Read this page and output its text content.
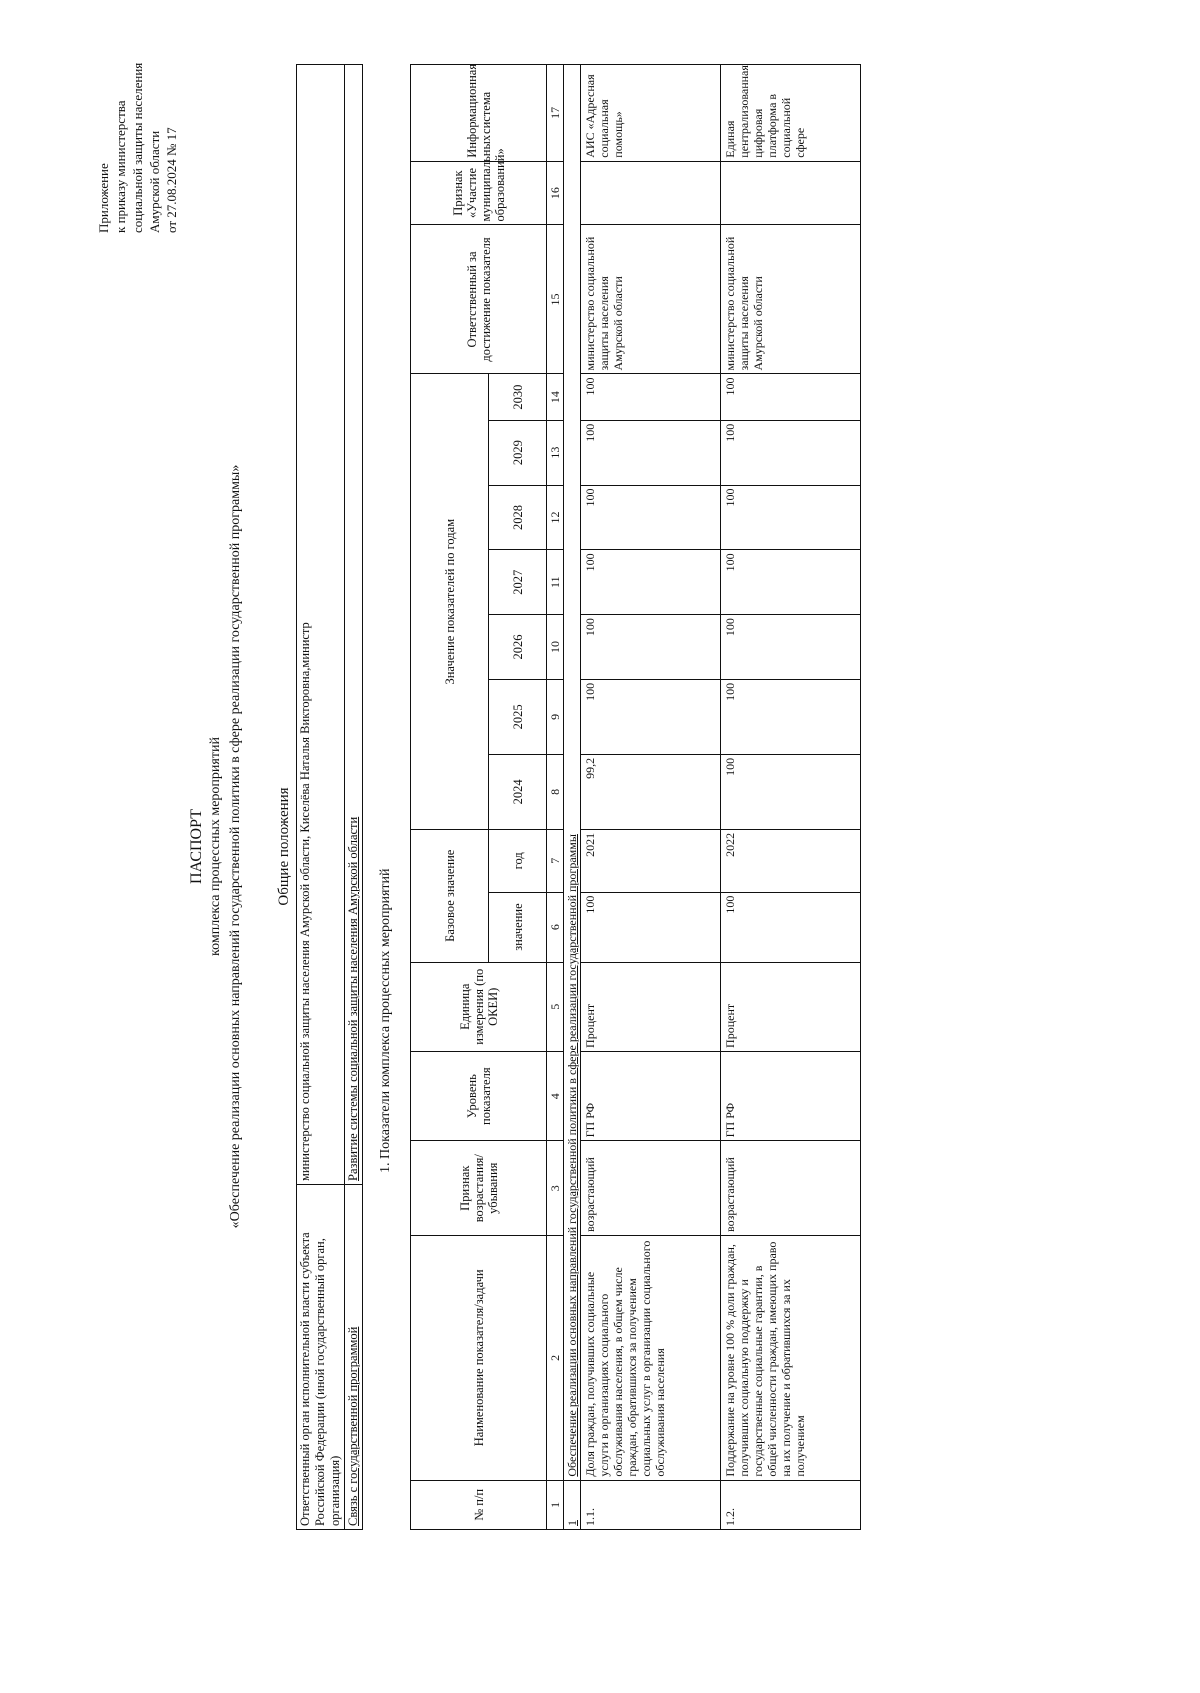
Приложение к приказу министерства социальной защиты населения Амурской области от 27.08.2024 № 17
ПАСПОРТ комплекса процессных мероприятий «Обеспечение реализации основных направлений государственной политики в сфере реализации государственной программы» Общие положения
Ответственный орган исполнительной власти субъекта Российской Федерации (иной государственный орган, организация)	министерство социальной защиты населения Амурской области, Киселёва Наталья Викторовна,министр
Связь с государственной программой	Развитие системы социальной защиты населения Амурской области 1. Показатели комплекса процессных мероприятий
№ п/п	Наименование показателя/задачи	Признак возрастания/ убывания	Уровень показателя	Единица измерения (по ОКЕИ)	Базовое значение		Значение показателей по годам							Ответственный за достижение показателя	Признак «Участие муниципальных образований»	Информационная система

					значение	год	2024	2025	2026	2027	2028	2029	2030			
1	2	3	4	5	6	7	8	9	10	11	12	13	14	15	16	17
1	Обеспечение реализации основных направлений государственной политики в сфере реализации государственной программы															
1.1.	Доля граждан, получивших социальные услуги в организациях социального обслуживания населения, в общем числе граждан, обратившихся за получением социальных услуг в организации социального обслуживания населения	возрастающий	ГП РФ	Процент	100	2021	99,2	100	100	100	100	100	100	министерство социальной защиты населения Амурской области		АИС «Адресная социальная помощь»
1.2.	Поддержание на уровне 100 % доли граждан, получивших социальную поддержку и государственные социальные гарантии, в общей численности граждан, имеющих право на их получение и обратившихся за их получением	возрастающий	ГП РФ	Процент	100	2022	100	100	100	100	100	100	100	министерство социальной защиты населения Амурской области		Единая централизованная цифровая платформа в социальной сфере
